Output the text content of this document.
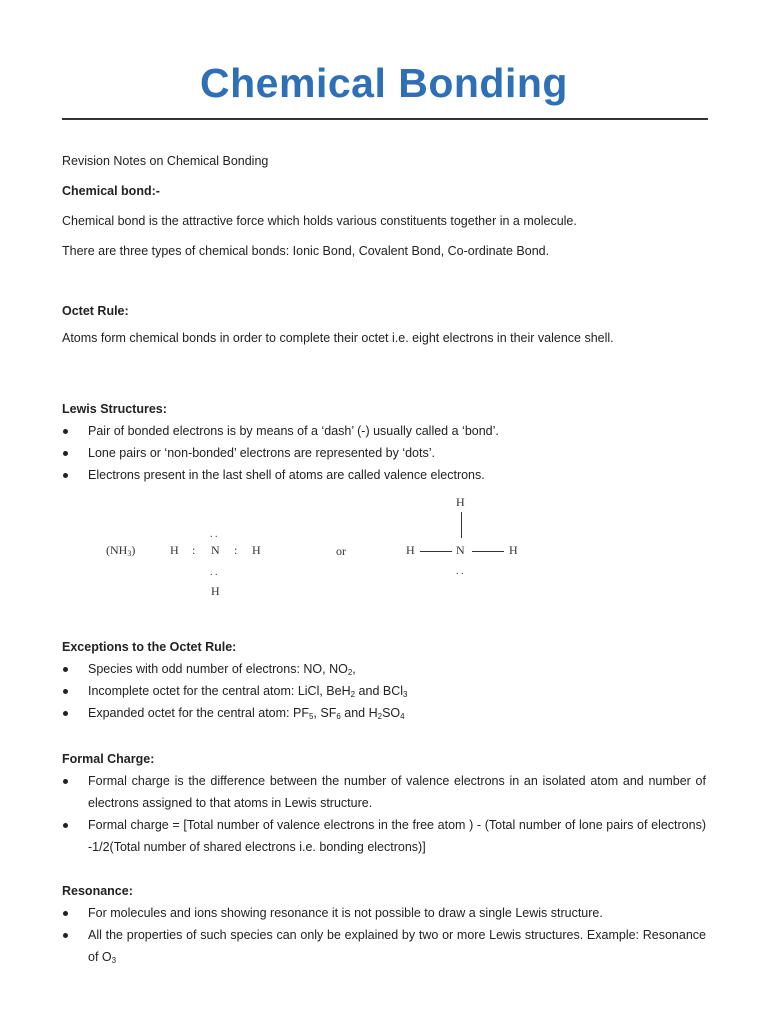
Chemical Bonding

Revision Notes on Chemical Bonding

Chemical bond:-

Chemical bond is the attractive force which holds various constituents together in a molecule.

There are three types of chemical bonds: Ionic Bond, Covalent Bond, Co-ordinate Bond.

Octet Rule:

Atoms form chemical bonds in order to complete their octet i.e. eight electrons in their valence shell.

Lewis Structures:

Pair of bonded electrons is by means of a ‘dash’ (-) usually called a ‘bond’.
Lone pairs or ‘non-bonded’ electrons are represented by ‘dots’.
Electrons present in the last shell of atoms are called valence electrons.
$(NH_3)$	H :
. .
N : H
. .
H
or
H
H	N	H
. .

Exceptions to the Octet Rule:

Species with odd number of electrons: NO, $NO_2$,
Incomplete octet for the central atom: LiCl, BeH$_2$ and BCl$_3$
Expanded octet for the central atom: $PF_5$, $SF_6$ and $H_2SO_4$

Formal Charge:

Formal charge is the difference between the number of valence electrons in an isolated atom and number of electrons assigned to that atoms in Lewis structure.
Formal charge = [Total number of valence electrons in the free atom ) - (Total number of lone pairs of electrons) -1/2(Total number of shared electrons i.e. bonding electrons)]

Resonance:

For molecules and ions showing resonance it is not possible to draw a single Lewis structure.
All the properties of such species can only be explained by two or more Lewis structures. Example: Resonance of $O_3$
